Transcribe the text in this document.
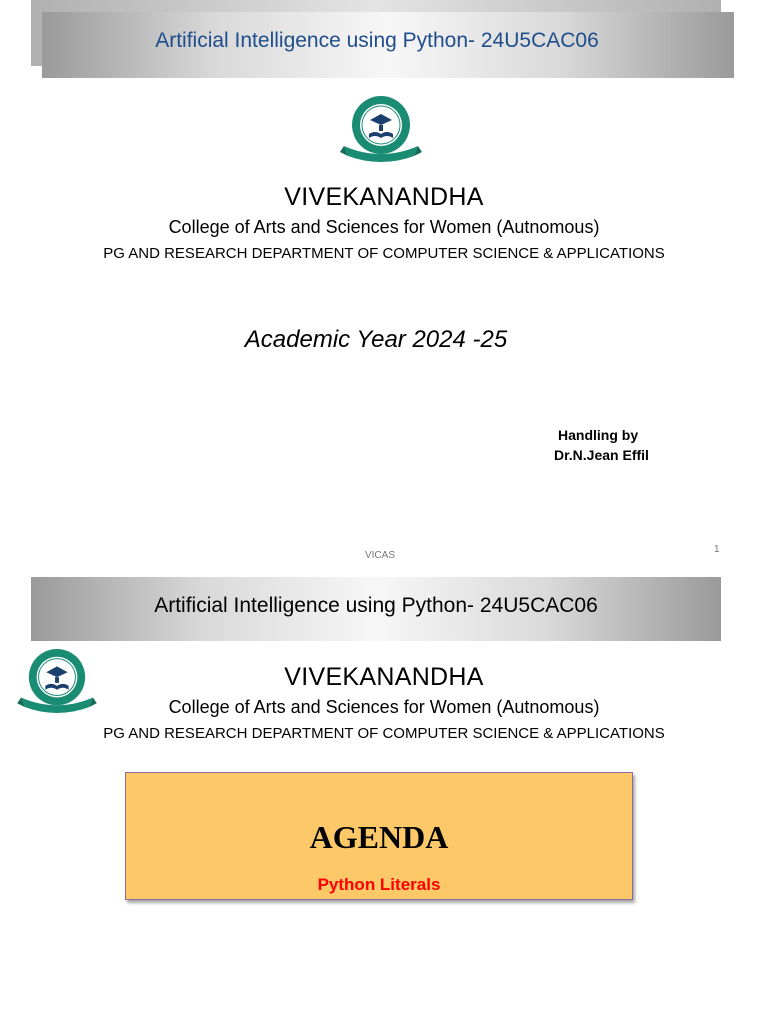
Artificial Intelligence using Python- 24U5CAC06
VIVEKANANDHA
College of Arts and Sciences for Women (Autnomous)
PG AND RESEARCH DEPARTMENT OF COMPUTER SCIENCE & APPLICATIONS
Academic Year 2024 -25
Handling by
Dr.N.Jean Effil
VICAS
1
Artificial Intelligence using Python- 24U5CAC06
VIVEKANANDHA
College of Arts and Sciences for Women (Autnomous)
PG AND RESEARCH DEPARTMENT OF COMPUTER SCIENCE & APPLICATIONS
AGENDA
Python Literals
